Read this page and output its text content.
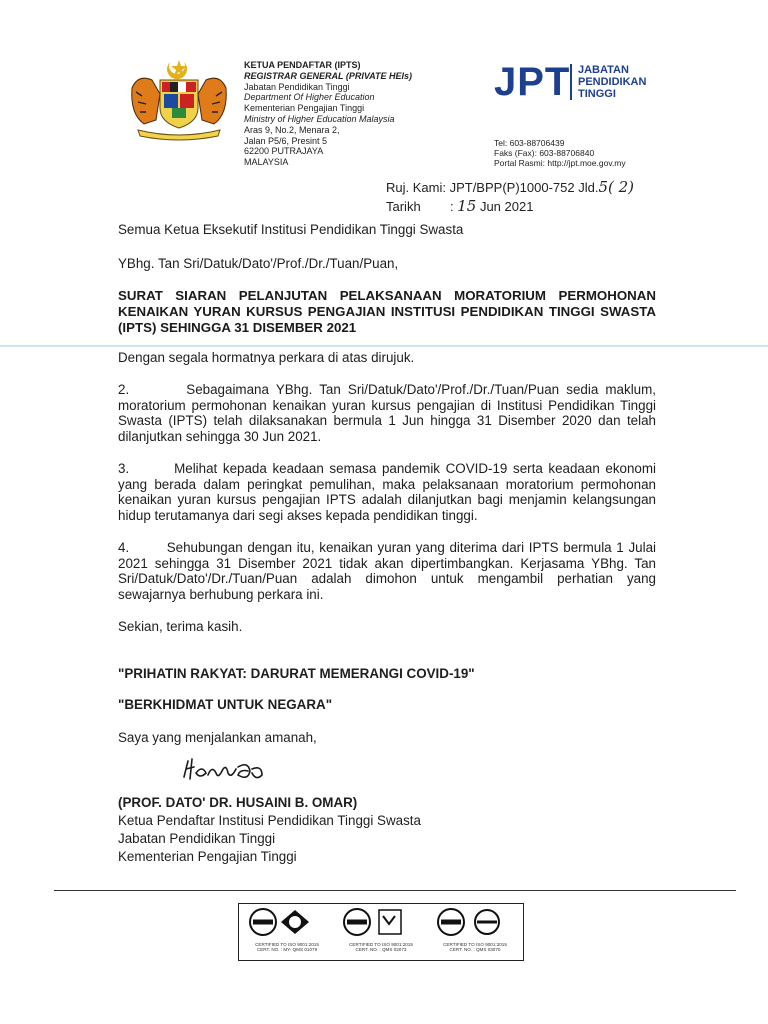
KETUA PENDAFTAR (IPTS)
REGISTRAR GENERAL (PRIVATE HEIs)
Jabatan Pendidikan Tinggi
Department Of Higher Education
Kementerian Pengajian Tinggi
Ministry of Higher Education Malaysia
Aras 9, No.2, Menara 2,
Jalan P5/6, Presint 5
62200 PUTRAJAYA
MALAYSIA
JPT JABATAN
PENDIDIKAN
TINGGI
Tel: 603-88706439
Faks (Fax): 603-88706840
Portal Rasmi: http://jpt.moe.gov.my
Ruj. Kami: JPT/BPP(P)1000-752 Jld.5( 2)
Tarikh : 15 Jun 2021
Semua Ketua Eksekutif Institusi Pendidikan Tinggi Swasta
YBhg. Tan Sri/Datuk/Dato'/Prof./Dr./Tuan/Puan,
SURAT SIARAN PELANJUTAN PELAKSANAAN MORATORIUM PERMOHONAN KENAIKAN YURAN KURSUS PENGAJIAN INSTITUSI PENDIDIKAN TINGGI SWASTA (IPTS) SEHINGGA 31 DISEMBER 2021
Dengan segala hormatnya perkara di atas dirujuk.
2.	Sebagaimana YBhg. Tan Sri/Datuk/Dato'/Prof./Dr./Tuan/Puan sedia maklum, moratorium permohonan kenaikan yuran kursus pengajian di Institusi Pendidikan Tinggi Swasta (IPTS) telah dilaksanakan bermula 1 Jun hingga 31 Disember 2020 dan telah dilanjutkan sehingga 30 Jun 2021.
3.	Melihat kepada keadaan semasa pandemik COVID-19 serta keadaan ekonomi yang berada dalam peringkat pemulihan, maka pelaksanaan moratorium permohonan kenaikan yuran kursus pengajian IPTS adalah dilanjutkan bagi menjamin kelangsungan hidup terutamanya dari segi akses kepada pendidikan tinggi.
4.	Sehubungan dengan itu, kenaikan yuran yang diterima dari IPTS bermula 1 Julai 2021 sehingga 31 Disember 2021 tidak akan dipertimbangkan. Kerjasama YBhg. Tan Sri/Datuk/Dato'/Dr./Tuan/Puan adalah dimohon untuk mengambil perhatian yang sewajarnya berhubung perkara ini.
Sekian, terima kasih.
"PRIHATIN RAKYAT: DARURAT MEMERANGI COVID-19"
"BERKHIDMAT UNTUK NEGARA"
Saya yang menjalankan amanah,
(PROF. DATO' DR. HUSAINI B. OMAR)
Ketua Pendaftar Institusi Pendidikan Tinggi Swasta
Jabatan Pendidikan Tinggi
Kementerian Pengajian Tinggi
CERTIFIED TO ISO 9001:2015
CERT. NO. : MY- QMS 01079
CERTIFIED TO ISO 9001:2015
CERT. NO. : QMS 02073
CERTIFIED TO ISO 9001:2015
CERT. NO. : QMS 03070
